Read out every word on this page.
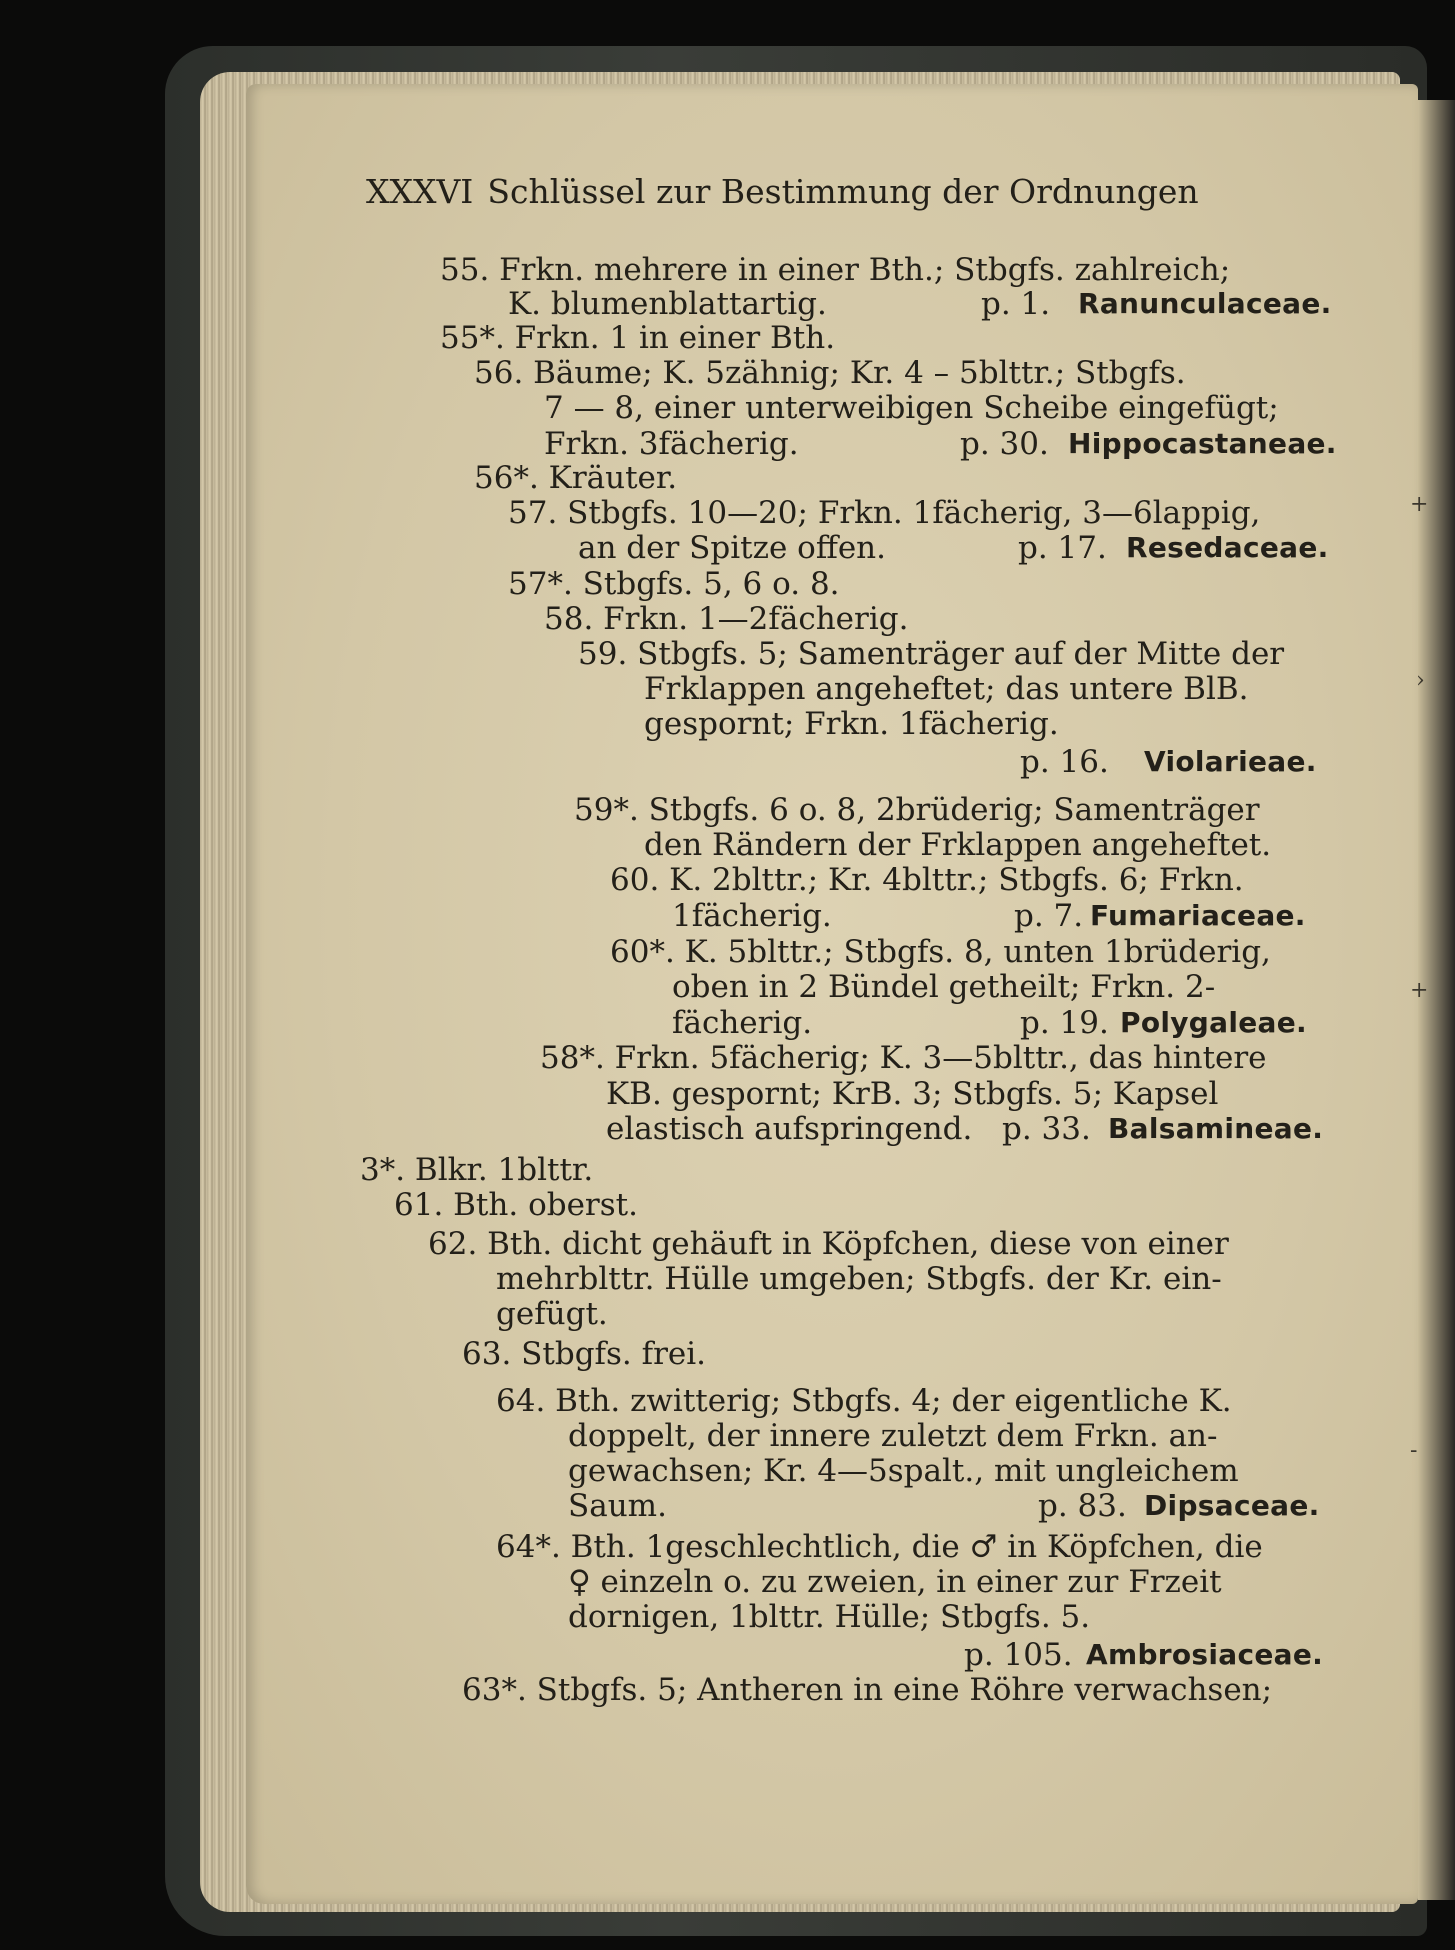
XXXVI Schlüssel zur Bestimmung der Ordnungen
55. Frkn. mehrere in einer Bth.; Stbgfs. zahlreich;
K. blumenblattartig.	p. 1. Ranunculaceae.
55*. Frkn. 1 in einer Bth.
56. Bäume; K. 5zähnig; Kr. 4 – 5blttr.; Stbgfs.
7 — 8, einer unterweibigen Scheibe eingefügt;
Frkn. 3fächerig.	p. 30. Hippocastaneae.
56*. Kräuter.
57. Stbgfs. 10—20; Frkn. 1fächerig, 3—6lappig,
an der Spitze offen.	p. 17. Resedaceae.
57*. Stbgfs. 5, 6 o. 8.
58. Frkn. 1—2fächerig.
59. Stbgfs. 5; Samenträger auf der Mitte der
Frklappen angeheftet; das untere BlB.
gespornt; Frkn. 1fächerig.
p. 16. Violarieae.
59*. Stbgfs. 6 o. 8, 2brüderig; Samenträger
den Rändern der Frklappen angeheftet.
60. K. 2blttr.; Kr. 4blttr.; Stbgfs. 6; Frkn.
1fächerig.	p. 7. Fumariaceae.
60*. K. 5blttr.; Stbgfs. 8, unten 1brüderig,
oben in 2 Bündel getheilt; Frkn. 2-
fächerig.	p. 19. Polygaleae.
58*. Frkn. 5fächerig; K. 3—5blttr., das hintere
KB. gespornt; KrB. 3; Stbgfs. 5; Kapsel
elastisch aufspringend. p. 33. Balsamineae.
3*. Blkr. 1blttr.
61. Bth. oberst.
62. Bth. dicht gehäuft in Köpfchen, diese von einer
mehrblttr. Hülle umgeben; Stbgfs. der Kr. ein-
gefügt.
63. Stbgfs. frei.
64. Bth. zwitterig; Stbgfs. 4; der eigentliche K.
doppelt, der innere zuletzt dem Frkn. an-
gewachsen; Kr. 4—5spalt., mit ungleichem
Saum.	p. 83. Dipsaceae.
64*. Bth. 1geschlechtlich, die ♂ in Köpfchen, die
♀ einzeln o. zu zweien, in einer zur Frzeit
dornigen, 1blttr. Hülle; Stbgfs. 5.
p. 105. Ambrosiaceae.
63*. Stbgfs. 5; Antheren in eine Röhre verwachsen;
+
›
+
-
